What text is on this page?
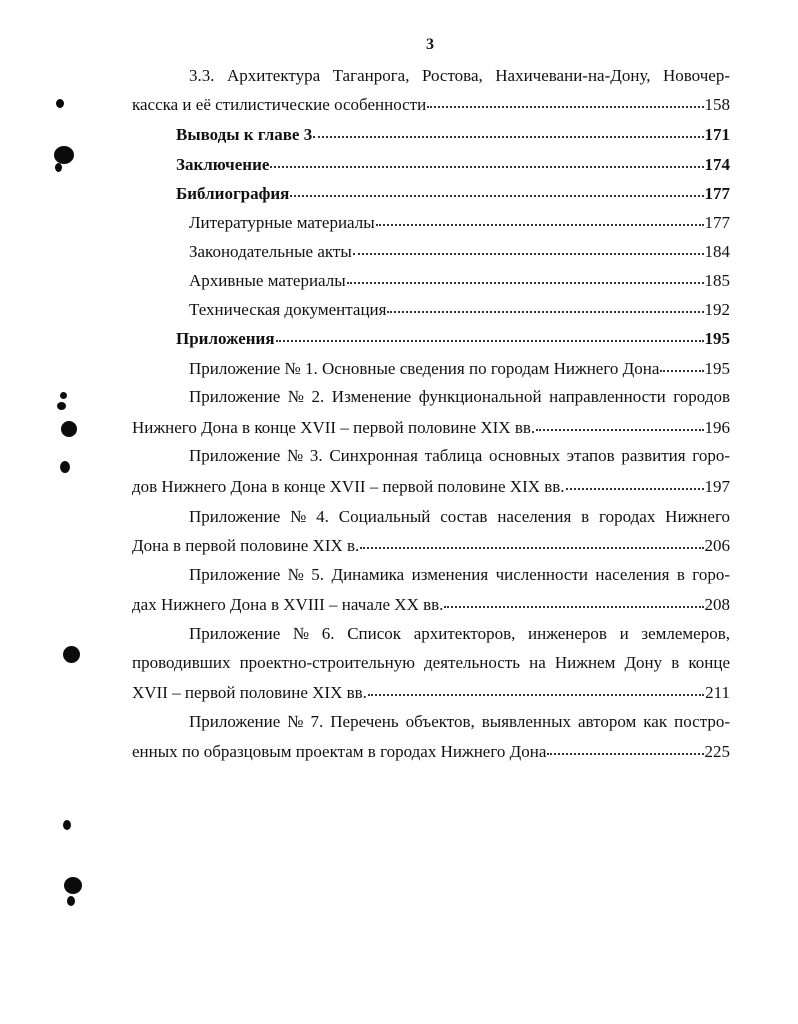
3
3.3. Архитектура Таганрога, Ростова, Нахичевани-на-Дону, Новочер-
касска и её стилистические особенности	158
Выводы к главе 3	171
Заключение	174
Библиография	177
Литературные материалы	177
Законодательные акты	184
Архивные материалы	185
Техническая документация	192
Приложения	195
Приложение № 1. Основные сведения по городам Нижнего Дона	195
Приложение № 2. Изменение функциональной направленности городов
Нижнего Дона в конце XVII – первой половине XIX вв.	196
Приложение № 3. Синхронная таблица основных этапов развития горо-
дов Нижнего Дона в конце XVII – первой половине XIX вв.	197
Приложение № 4. Социальный состав населения в городах Нижнего
Дона в первой половине XIX в.	206
Приложение № 5. Динамика изменения численности населения в горо-
дах Нижнего Дона в XVIII – начале XX вв.	208
Приложение № 6. Список архитекторов, инженеров и землемеров,
проводивших проектно-строительную деятельность на Нижнем Дону в конце
XVII – первой половине XIX вв.	211
Приложение № 7. Перечень объектов, выявленных автором как постро-
енных по образцовым проектам в городах Нижнего Дона	225
